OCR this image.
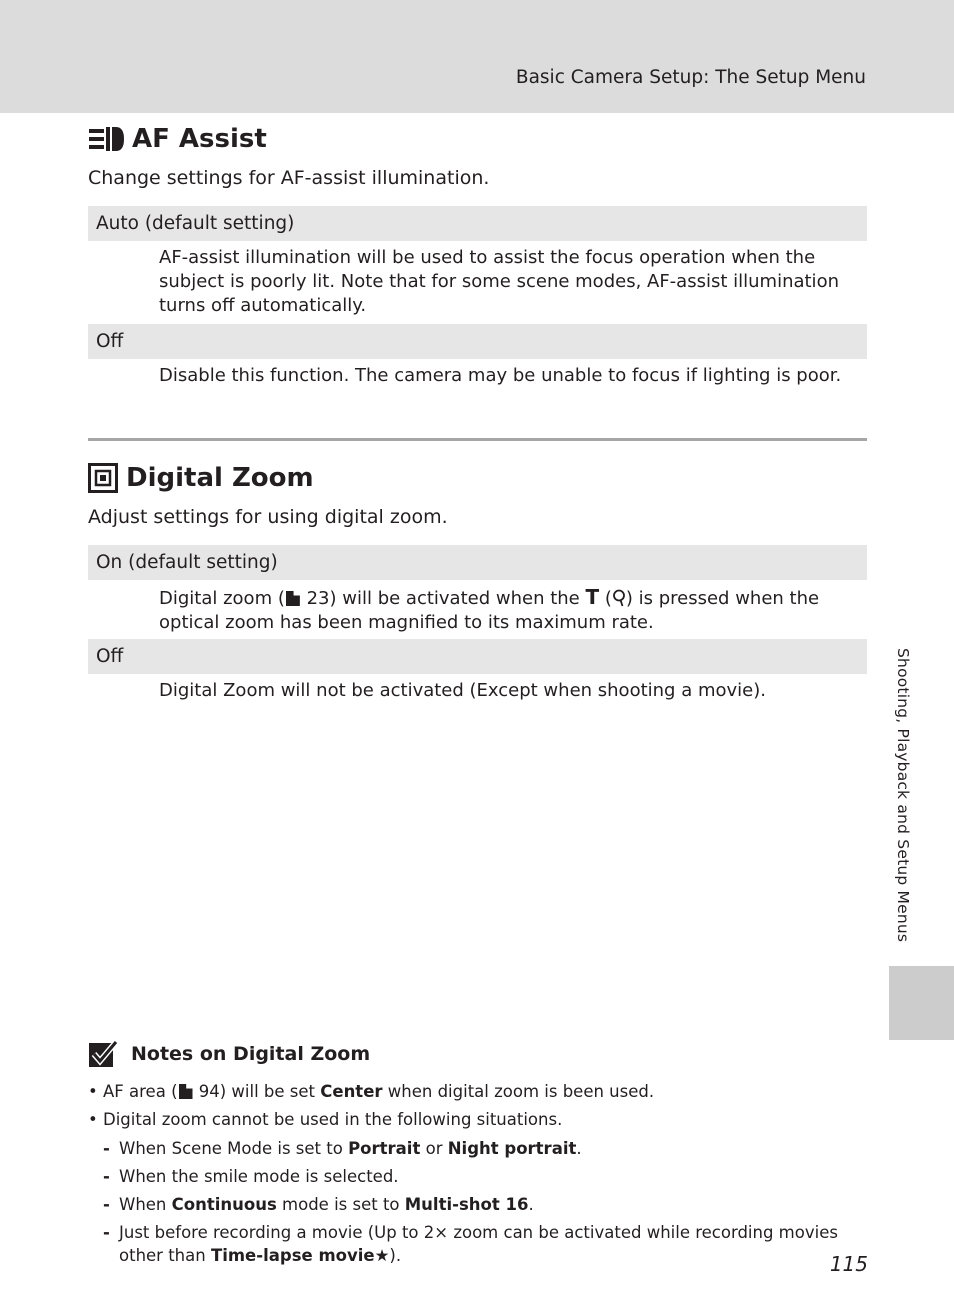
Basic Camera Setup: The Setup Menu
AF Assist
Change settings for AF-assist illumination.
Auto (default setting)
AF-assist illumination will be used to assist the focus operation when the subject is poorly lit. Note that for some scene modes, AF-assist illumination turns off automatically.
Off
Disable this function. The camera may be unable to focus if lighting is poor.
Digital Zoom
Adjust settings for using digital zoom.
On (default setting)
Digital zoom ( 23) will be activated when the T ( ) is pressed when the optical zoom has been magnified to its maximum rate.
Off
Digital Zoom will not be activated (Except when shooting a movie).
Notes on Digital Zoom
• AF area ( 94) will be set Center when digital zoom is been used.
• Digital zoom cannot be used in the following situations.
- When Scene Mode is set to Portrait or Night portrait.
- When the smile mode is selected.
- When Continuous mode is set to Multi-shot 16.
- Just before recording a movie (Up to 2× zoom can be activated while recording movies other than Time-lapse movie★).
Shooting, Playback and Setup Menus
115
